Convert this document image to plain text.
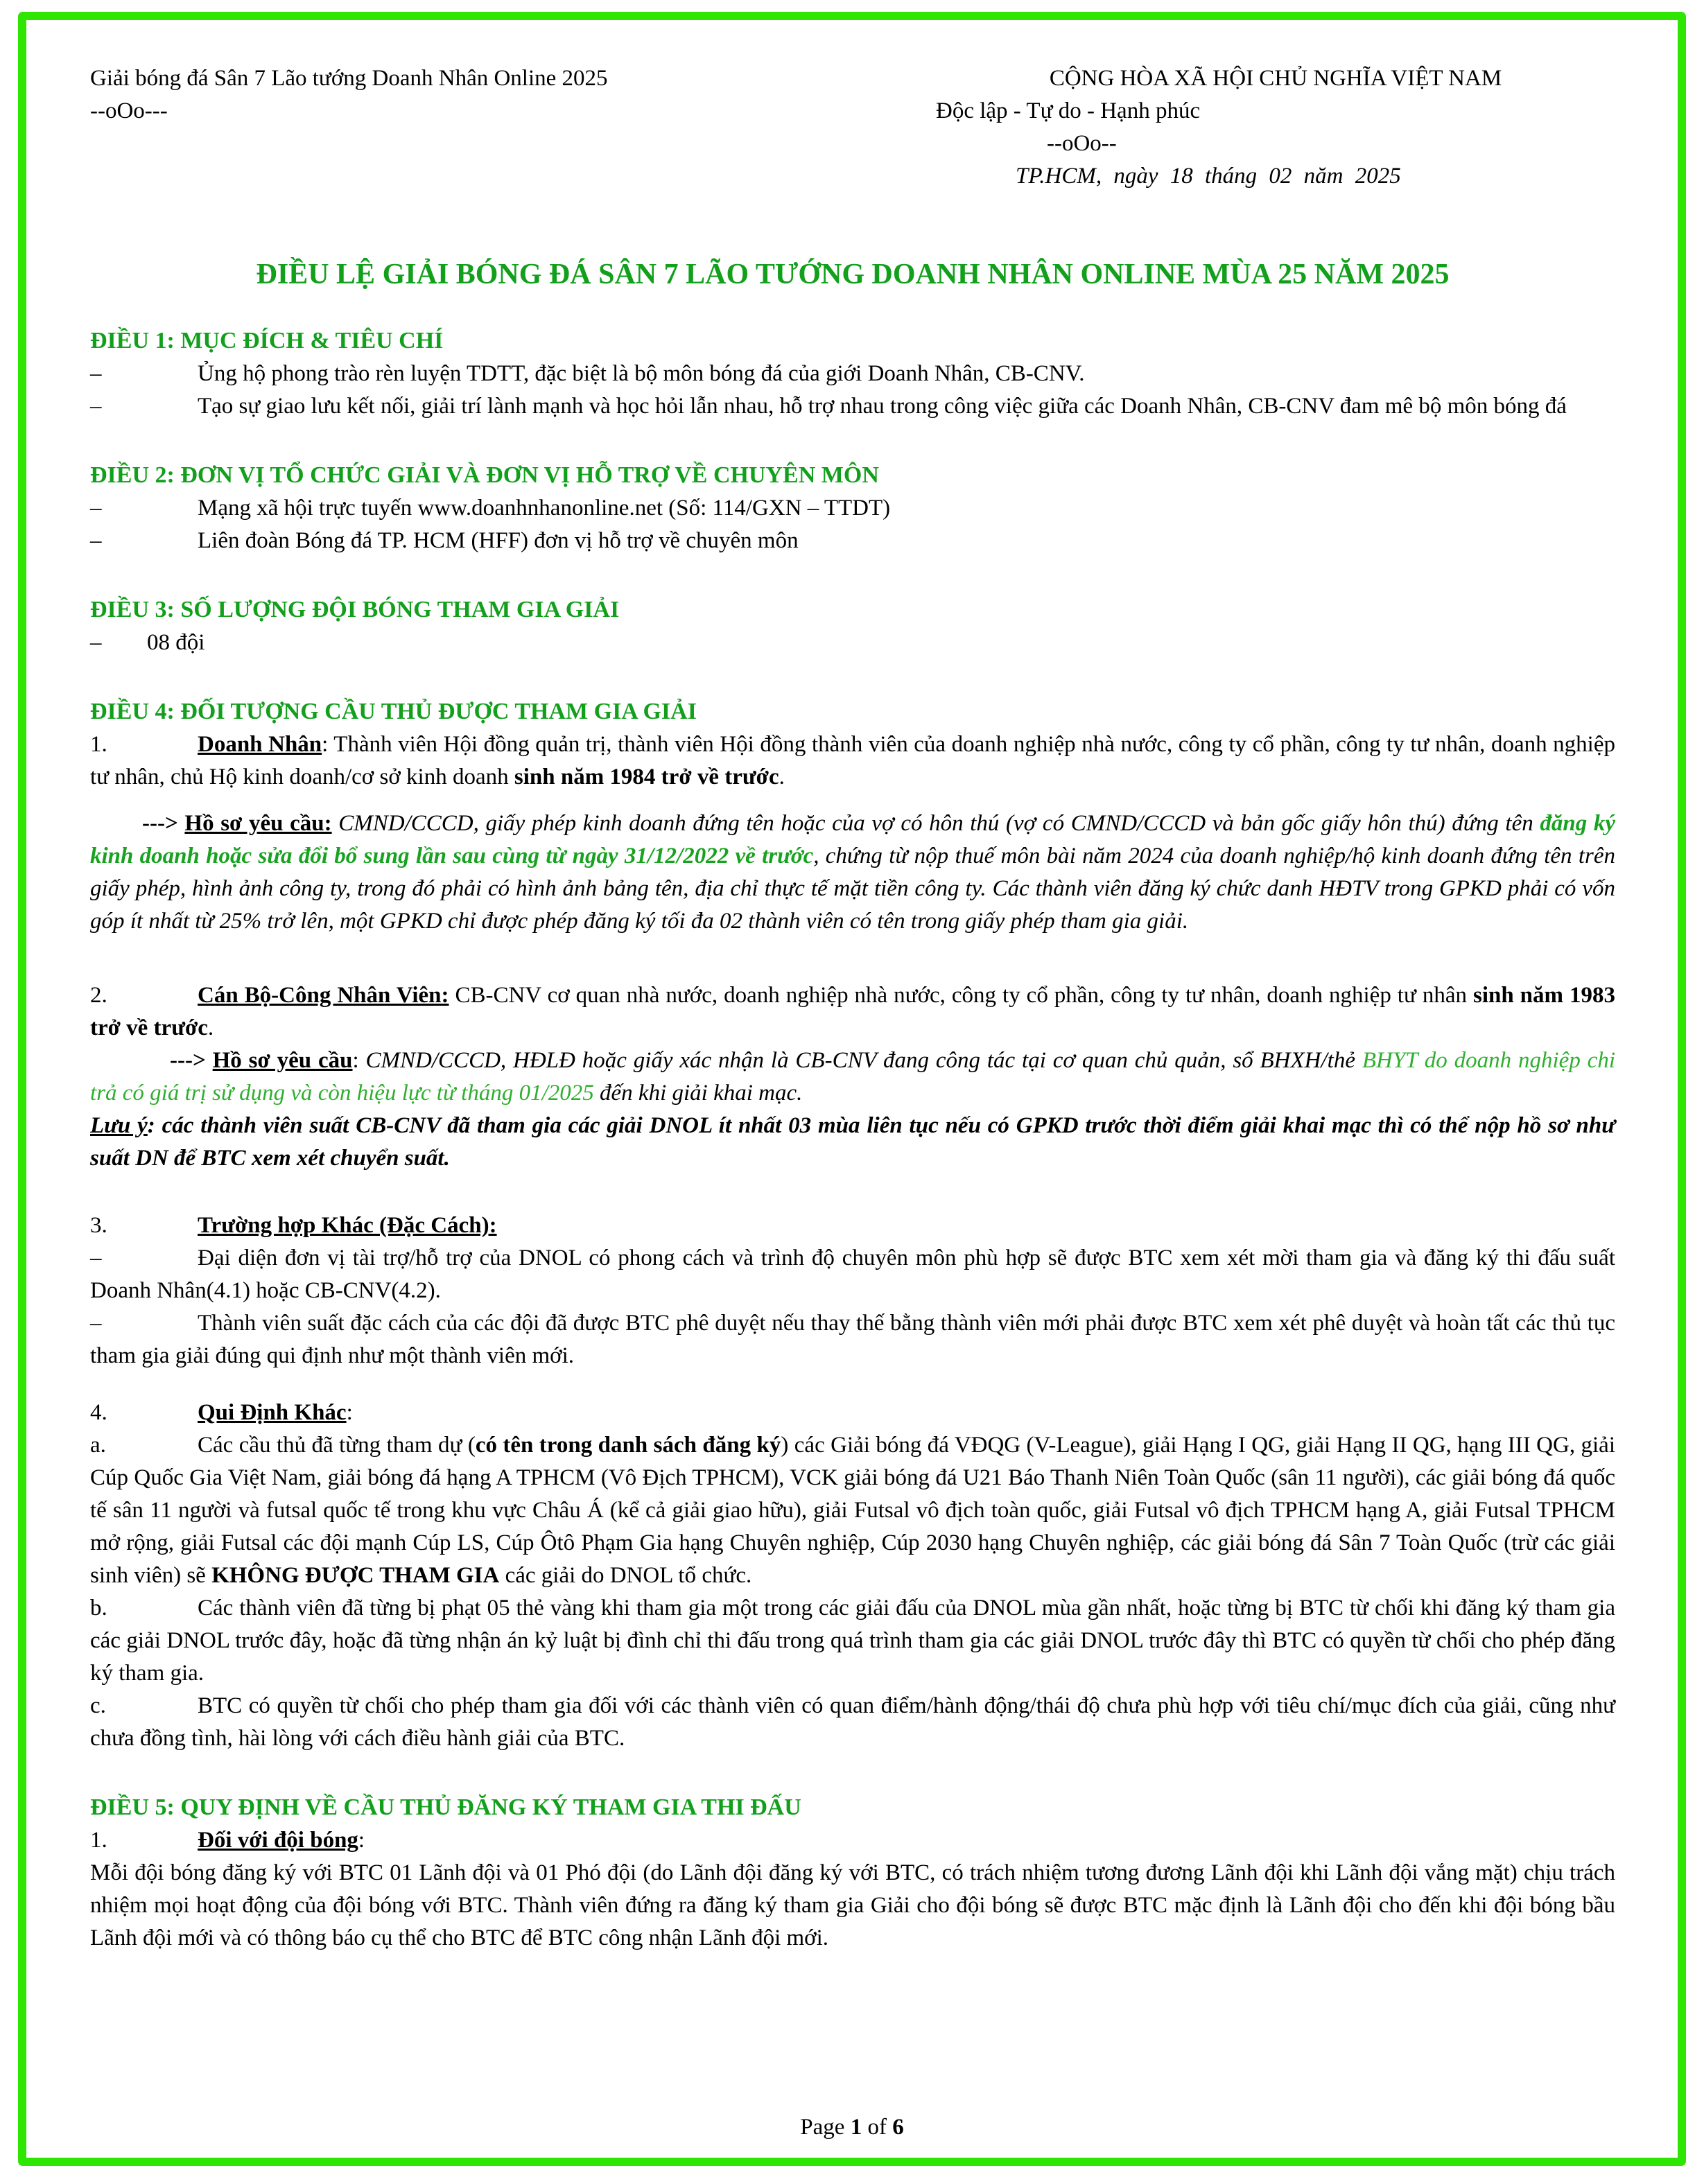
Giải bóng đá Sân 7 Lão tướng Doanh Nhân Online 2025
--oOo---
CỘNG HÒA XÃ HỘI CHỦ NGHĨA VIỆT NAM
Độc lập - Tự do - Hạnh phúc
--oOo--
TP.HCM, ngày 18 tháng 02 năm 2025
ĐIỀU LỆ GIẢI BÓNG ĐÁ SÂN 7 LÃO TƯỚNG DOANH NHÂN ONLINE MÙA 25 NĂM 2025
ĐIỀU 1: MỤC ĐÍCH & TIÊU CHÍ

–	Ủng hộ phong trào rèn luyện TDTT, đặc biệt là bộ môn bóng đá của giới Doanh Nhân, CB-CNV.

–	Tạo sự giao lưu kết nối, giải trí lành mạnh và học hỏi lẫn nhau, hỗ trợ nhau trong công việc giữa các Doanh Nhân, CB-CNV đam mê bộ môn bóng đá

ĐIỀU 2: ĐƠN VỊ TỔ CHỨC GIẢI VÀ ĐƠN VỊ HỖ TRỢ VỀ CHUYÊN MÔN

–	Mạng xã hội trực tuyến www.doanhnhanonline.net (Số: 114/GXN – TTDT)

–	Liên đoàn Bóng đá TP. HCM (HFF) đơn vị hỗ trợ về chuyên môn

ĐIỀU 3: SỐ LƯỢNG ĐỘI BÓNG THAM GIA GIẢI

– 08 đội

ĐIỀU 4: ĐỐI TƯỢNG CẦU THỦ ĐƯỢC THAM GIA GIẢI

1.	Doanh Nhân: Thành viên Hội đồng quản trị, thành viên Hội đồng thành viên của doanh nghiệp nhà nước, công ty cổ phần, công ty tư nhân, doanh nghiệp tư nhân, chủ Hộ kinh doanh/cơ sở kinh doanh sinh năm 1984 trở về trước.

---> Hồ sơ yêu cầu: CMND/CCCD, giấy phép kinh doanh đứng tên hoặc của vợ có hôn thú (vợ có CMND/CCCD và bản gốc giấy hôn thú) đứng tên đăng ký kinh doanh hoặc sửa đổi bổ sung lần sau cùng từ ngày 31/12/2022 về trước, chứng từ nộp thuế môn bài năm 2024 của doanh nghiệp/hộ kinh doanh đứng tên trên giấy phép, hình ảnh công ty, trong đó phải có hình ảnh bảng tên, địa chỉ thực tế mặt tiền công ty. Các thành viên đăng ký chức danh HĐTV trong GPKD phải có vốn góp ít nhất từ 25% trở lên, một GPKD chỉ được phép đăng ký tối đa 02 thành viên có tên trong giấy phép tham gia giải.

2.	Cán Bộ-Công Nhân Viên: CB-CNV cơ quan nhà nước, doanh nghiệp nhà nước, công ty cổ phần, công ty tư nhân, doanh nghiệp tư nhân sinh năm 1983 trở về trước.

---> Hồ sơ yêu cầu: CMND/CCCD, HĐLĐ hoặc giấy xác nhận là CB-CNV đang công tác tại cơ quan chủ quản, sổ BHXH/thẻ BHYT do doanh nghiệp chi trả có giá trị sử dụng và còn hiệu lực từ tháng 01/2025 đến khi giải khai mạc.

Lưu ý: các thành viên suất CB-CNV đã tham gia các giải DNOL ít nhất 03 mùa liên tục nếu có GPKD trước thời điểm giải khai mạc thì có thể nộp hồ sơ như suất DN để BTC xem xét chuyển suất.

3.	Trường hợp Khác (Đặc Cách):

–	Đại diện đơn vị tài trợ/hỗ trợ của DNOL có phong cách và trình độ chuyên môn phù hợp sẽ được BTC xem xét mời tham gia và đăng ký thi đấu suất Doanh Nhân(4.1) hoặc CB-CNV(4.2).

–	Thành viên suất đặc cách của các đội đã được BTC phê duyệt nếu thay thế bằng thành viên mới phải được BTC xem xét phê duyệt và hoàn tất các thủ tục tham gia giải đúng qui định như một thành viên mới.

4.	Qui Định Khác:

a.	Các cầu thủ đã từng tham dự (có tên trong danh sách đăng ký) các Giải bóng đá VĐQG (V-League), giải Hạng I QG, giải Hạng II QG, hạng III QG, giải Cúp Quốc Gia Việt Nam, giải bóng đá hạng A TPHCM (Vô Địch TPHCM), VCK giải bóng đá U21 Báo Thanh Niên Toàn Quốc (sân 11 người), các giải bóng đá quốc tế sân 11 người và futsal quốc tế trong khu vực Châu Á (kể cả giải giao hữu), giải Futsal vô địch toàn quốc, giải Futsal vô địch TPHCM hạng A, giải Futsal TPHCM mở rộng, giải Futsal các đội mạnh Cúp LS, Cúp Ôtô Phạm Gia hạng Chuyên nghiệp, Cúp 2030 hạng Chuyên nghiệp, các giải bóng đá Sân 7 Toàn Quốc (trừ các giải sinh viên) sẽ KHÔNG ĐƯỢC THAM GIA các giải do DNOL tổ chức.

b.	Các thành viên đã từng bị phạt 05 thẻ vàng khi tham gia một trong các giải đấu của DNOL mùa gần nhất, hoặc từng bị BTC từ chối khi đăng ký tham gia các giải DNOL trước đây, hoặc đã từng nhận án kỷ luật bị đình chỉ thi đấu trong quá trình tham gia các giải DNOL trước đây thì BTC có quyền từ chối cho phép đăng ký tham gia.

c.	BTC có quyền từ chối cho phép tham gia đối với các thành viên có quan điểm/hành động/thái độ chưa phù hợp với tiêu chí/mục đích của giải, cũng như chưa đồng tình, hài lòng với cách điều hành giải của BTC.

ĐIỀU 5: QUY ĐỊNH VỀ CẦU THỦ ĐĂNG KÝ THAM GIA THI ĐẤU

1.	Đối với đội bóng:

Mỗi đội bóng đăng ký với BTC 01 Lãnh đội và 01 Phó đội (do Lãnh đội đăng ký với BTC, có trách nhiệm tương đương Lãnh đội khi Lãnh đội vắng mặt) chịu trách nhiệm mọi hoạt động của đội bóng với BTC. Thành viên đứng ra đăng ký tham gia Giải cho đội bóng sẽ được BTC mặc định là Lãnh đội cho đến khi đội bóng bầu Lãnh đội mới và có thông báo cụ thể cho BTC để BTC công nhận Lãnh đội mới.

Page 1 of 6
